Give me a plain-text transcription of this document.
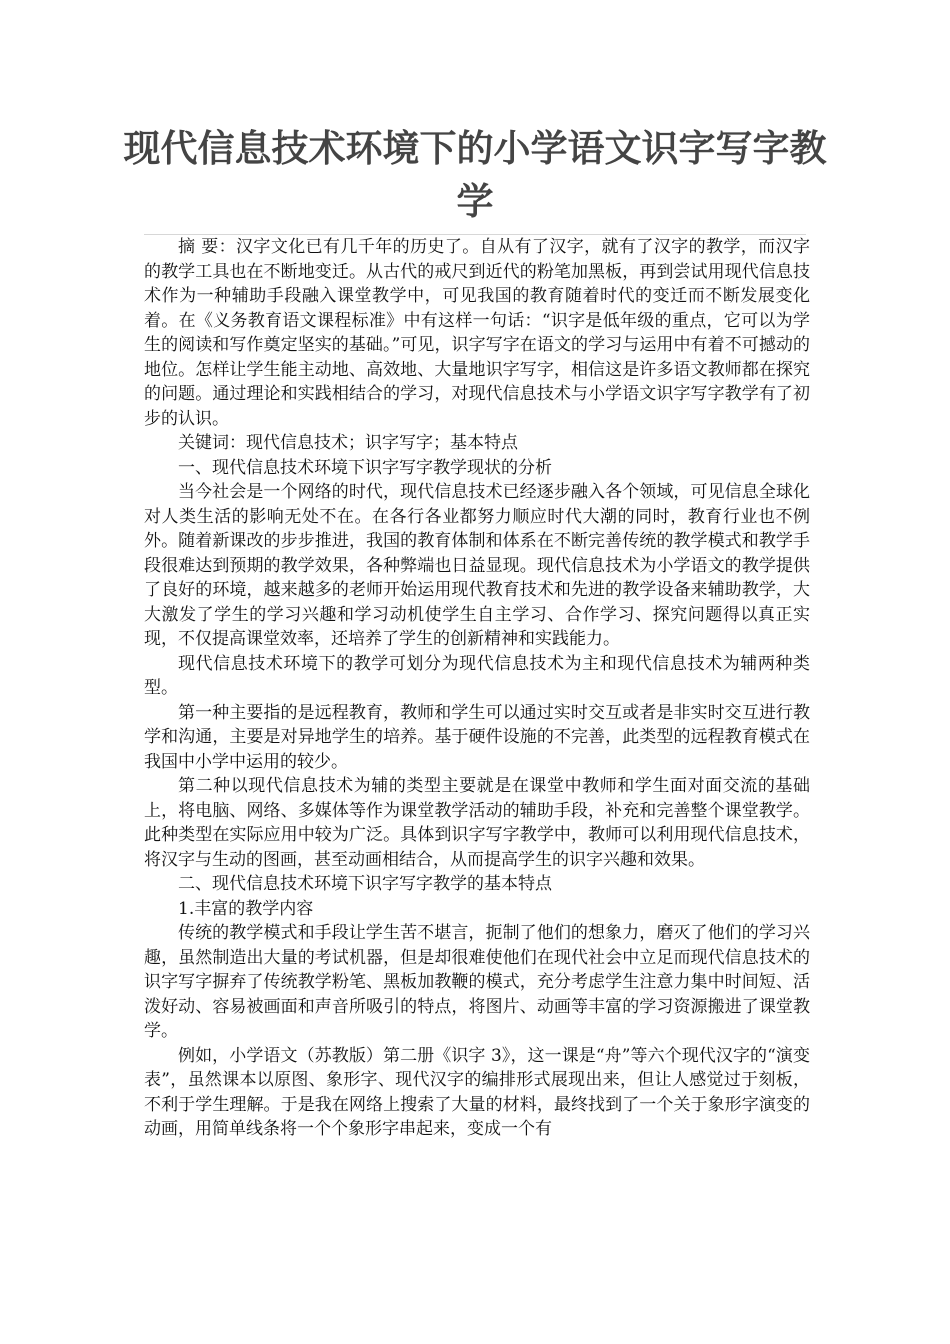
现代信息技术环境下的小学语文识字写字教学

摘 要：汉字文化已有几千年的历史了。自从有了汉字，就有了汉字的教学，而汉字的教学工具也在不断地变迁。从古代的戒尺到近代的粉笔加黑板，再到尝试用现代信息技术作为一种辅助手段融入课堂教学中，可见我国的教育随着时代的变迁而不断发展变化着。在《义务教育语文课程标准》中有这样一句话：“识字是低年级的重点，它可以为学生的阅读和写作奠定坚实的基础。”可见，识字写字在语文的学习与运用中有着不可撼动的地位。怎样让学生能主动地、高效地、大量地识字写字，相信这是许多语文教师都在探究的问题。通过理论和实践相结合的学习，对现代信息技术与小学语文识字写字教学有了初步的认识。

关键词：现代信息技术；识字写字；基本特点

一、现代信息技术环境下识字写字教学现状的分析

当今社会是一个网络的时代，现代信息技术已经逐步融入各个领域，可见信息全球化对人类生活的影响无处不在。在各行各业都努力顺应时代大潮的同时，教育行业也不例外。随着新课改的步步推进，我国的教育体制和体系在不断完善传统的教学模式和教学手段很难达到预期的教学效果，各种弊端也日益显现。现代信息技术为小学语文的教学提供了良好的环境，越来越多的老师开始运用现代教育技术和先进的教学设备来辅助教学，大大激发了学生的学习兴趣和学习动机使学生自主学习、合作学习、探究问题得以真正实现，不仅提高课堂效率，还培养了学生的创新精神和实践能力。

现代信息技术环境下的教学可划分为现代信息技术为主和现代信息技术为辅两种类型。

第一种主要指的是远程教育，教师和学生可以通过实时交互或者是非实时交互进行教学和沟通，主要是对异地学生的培养。基于硬件设施的不完善，此类型的远程教育模式在我国中小学中运用的较少。

第二种以现代信息技术为辅的类型主要就是在课堂中教师和学生面对面交流的基础上，将电脑、网络、多媒体等作为课堂教学活动的辅助手段，补充和完善整个课堂教学。此种类型在实际应用中较为广泛。具体到识字写字教学中，教师可以利用现代信息技术，将汉字与生动的图画，甚至动画相结合，从而提高学生的识字兴趣和效果。

二、现代信息技术环境下识字写字教学的基本特点

1.丰富的教学内容

传统的教学模式和手段让学生苦不堪言，扼制了他们的想象力，磨灭了他们的学习兴趣，虽然制造出大量的考试机器，但是却很难使他们在现代社会中立足而现代信息技术的识字写字摒弃了传统教学粉笔、黑板加教鞭的模式，充分考虑学生注意力集中时间短、活泼好动、容易被画面和声音所吸引的特点，将图片、动画等丰富的学习资源搬进了课堂教学。

例如，小学语文（苏教版）第二册《识字 3》，这一课是“舟”等六个现代汉字的“演变表”，虽然课本以原图、象形字、现代汉字的编排形式展现出来，但让人感觉过于刻板，不利于学生理解。于是我在网络上搜索了大量的材料，最终找到了一个关于象形字演变的动画，用简单线条将一个个象形字串起来，变成一个有
